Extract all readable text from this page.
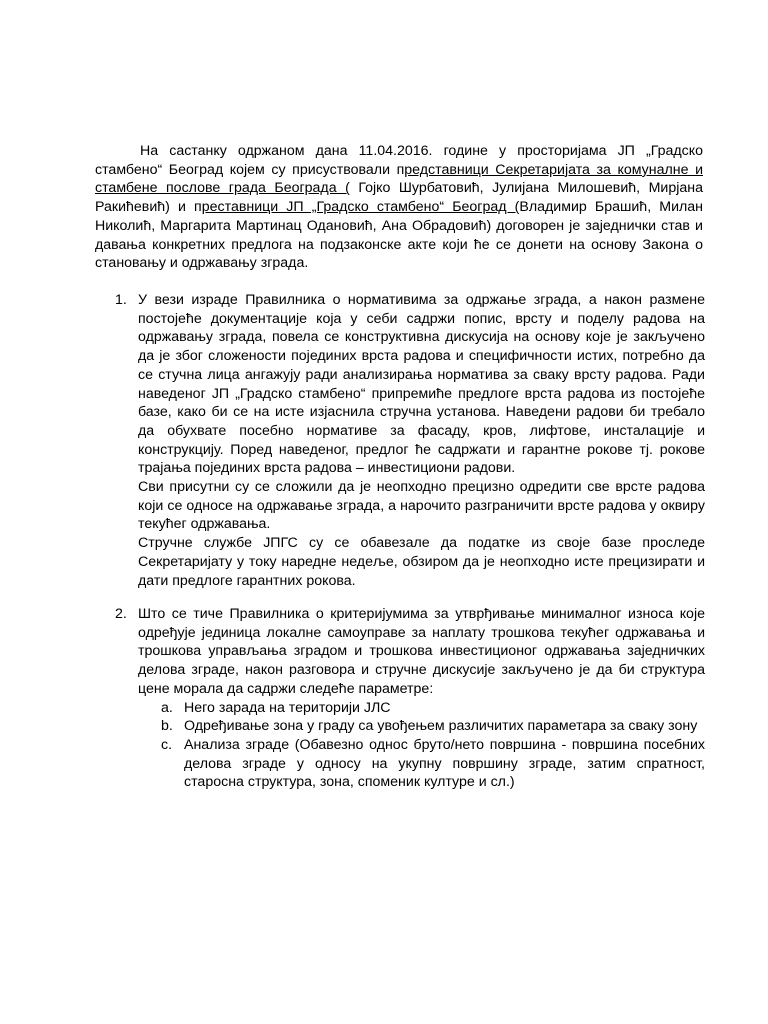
На састанку одржаном дана 11.04.2016. године у просторијама ЈП „Градско стамбено“ Београд којем су присуствовали представници Секретаријата за комуналне и стамбене послове града Београда ( Гојко Шурбатовић, Јулијана Милошевић, Мирјана Ракићевић) и преставници ЈП „Градско стамбено“ Београд (Владимир Брашић, Милан Николић, Маргарита Мартинац Одановић, Ана Обрадовић) договорен је заједнички став и давања конкретних предлога на подзаконске акте који ће се донети на основу Закона о становању и одржавању зграда.

1. У вези израде Правилника о нормативима за одржање зграда, а након размене постојеће документације која у себи садржи попис, врсту и поделу радова на одржавању зграда, повела се конструктивна дискусија на основу које је закључено да је због сложености појединих врста радова и специфичности истих, потребно да се стучна лица ангажују ради анализирања норматива за сваку врсту радова. Ради наведеног ЈП „Градско стамбено“ припремиће предлоге врста радова из постојеће базе, како би се на исте изјаснила стручна установа. Наведени радови би требало да обухвате посебно нормативе за фасаду, кров, лифтове, инсталације и конструкцију. Поред наведеног, предлог ће садржати и гарантне рокове тј. рокове трајања појединих врста радова – инвестициони радови.

Сви присутни су се сложили да је неопходно прецизно одредити све врсте радова који се односе на одржавање зграда, а нарочито разграничити врсте радова у оквиру текућег одржавања.

Стручне службе ЈПГС су се обавезале да податке из своје базе проследе Секретаријату у току наредне недеље, обзиром да је неопходно исте прецизирати и дати предлоге гарантних рокова.

2. Што се тиче Правилника о критеријумима за утврђивање минималног износа које одређује јединица локалне самоуправе за наплату трошкова текућег одржавања и трошкова управљања зградом и трошкова инвестиционог одржавања заједничких делова зграде, након разговора и стручне дискусије закључено је да би структура цене морала да садржи следеће параметре:

a. Него зарада на територији ЈЛС
b. Одређивање зона у граду са увођењем различитих параметара за сваку зону
c. Анализа зграде (Обавезно однос бруто/нето површина - површина посебних делова зграде у односу на укупну површину зграде, затим спратност, старосна структура, зона, споменик културе и сл.)
